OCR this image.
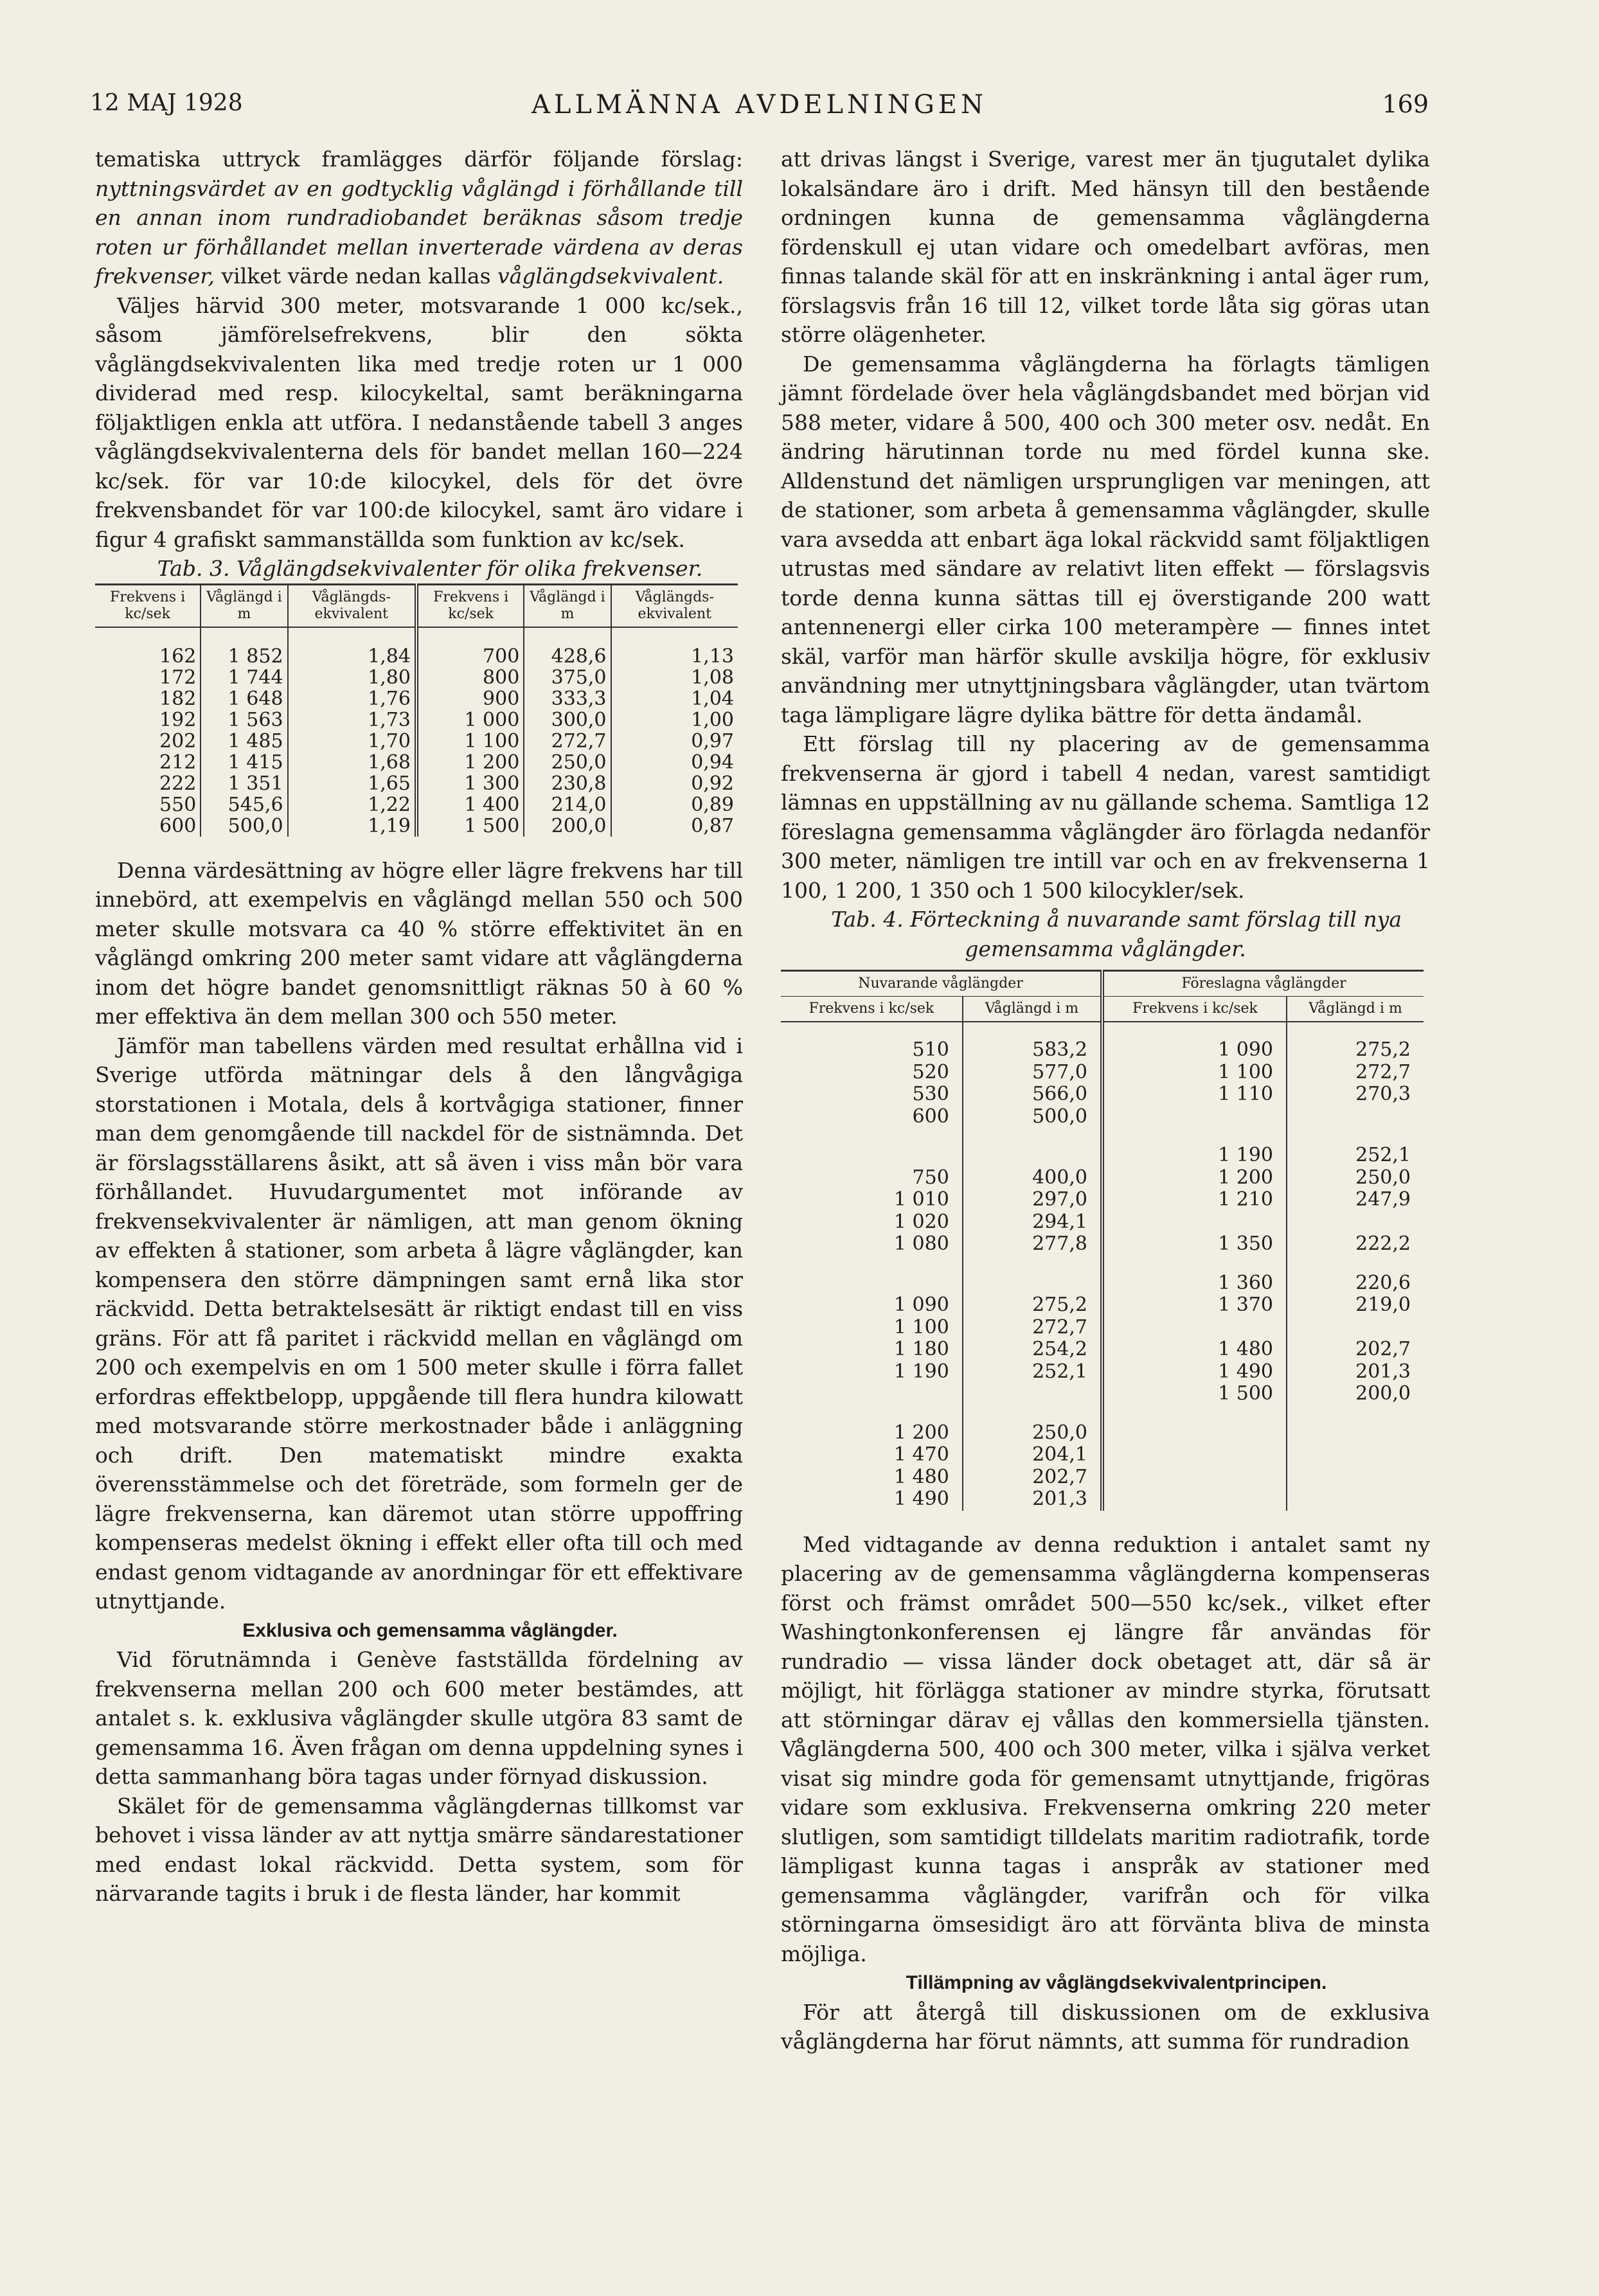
12 MAJ 1928	ALLMÄNNA AVDELNINGEN	169

tematiska uttryck framlägges därför följande förslag: nyttningsvärdet av en godtycklig våglängd i förhållande till en annan inom rundradiobandet beräknas såsom tredje roten ur förhållandet mellan inverterade värdena av deras frekvenser, vilket värde nedan kallas våglängdsekvivalent.

Väljes härvid 300 meter, motsvarande 1 000 kc/sek., såsom jämförelsefrekvens, blir den sökta våglängdsekvivalenten lika med tredje roten ur 1 000 dividerad med resp. kilocykeltal, samt beräkningarna följaktligen enkla att utföra. I nedanstående tabell 3 anges våglängdsekvivalenterna dels för bandet mellan 160—224 kc/sek. för var 10:de kilocykel, dels för det övre frekvensbandet för var 100:de kilocykel, samt äro vidare i figur 4 grafiskt sammanställda som funktion av kc/sek.

Tab. 3. Våglängdsekvivalenter för olika frekvenser.

Frekvens i kc/sek	Våglängd i m	Våglängds-ekvivalent	Frekvens i kc/sek	Våglängd i m	Våglängds-ekvivalent

162	1 852	1,84	700	428,6	1,13
172	1 744	1,80	800	375,0	1,08
182	1 648	1,76	900	333,3	1,04
192	1 563	1,73	1 000	300,0	1,00
202	1 485	1,70	1 100	272,7	0,97
212	1 415	1,68	1 200	250,0	0,94
222	1 351	1,65	1 300	230,8	0,92
550	545,6	1,22	1 400	214,0	0,89
600	500,0	1,19	1 500	200,0	0,87

Denna värdesättning av högre eller lägre frekvens har till innebörd, att exempelvis en våglängd mellan 550 och 500 meter skulle motsvara ca 40 % större effektivitet än en våglängd omkring 200 meter samt vidare att våglängderna inom det högre bandet genomsnittligt räknas 50 à 60 % mer effektiva än dem mellan 300 och 550 meter.

Jämför man tabellens värden med resultat erhållna vid i Sverige utförda mätningar dels å den långvågiga storstationen i Motala, dels å kortvågiga stationer, finner man dem genomgående till nackdel för de sistnämnda. Det är förslagsställarens åsikt, att så även i viss mån bör vara förhållandet. Huvudargumentet mot införande av frekvensekvivalenter är nämligen, att man genom ökning av effekten å stationer, som arbeta å lägre våglängder, kan kompensera den större dämpningen samt ernå lika stor räckvidd. Detta betraktelsesätt är riktigt endast till en viss gräns. För att få paritet i räckvidd mellan en våglängd om 200 och exempelvis en om 1 500 meter skulle i förra fallet erfordras effektbelopp, uppgående till flera hundra kilowatt med motsvarande större merkostnader både i anläggning och drift. Den matematiskt mindre exakta överensstämmelse och det företräde, som formeln ger de lägre frekvenserna, kan däremot utan större uppoffring kompenseras medelst ökning i effekt eller ofta till och med endast genom vidtagande av anordningar för ett effektivare utnyttjande.

Exklusiva och gemensamma våglängder.

Vid förutnämnda i Genève fastställda fördelning av frekvenserna mellan 200 och 600 meter bestämdes, att antalet s. k. exklusiva våglängder skulle utgöra 83 samt de gemensamma 16. Även frågan om denna uppdelning synes i detta sammanhang böra tagas under förnyad diskussion.

Skälet för de gemensamma våglängdernas tillkomst var behovet i vissa länder av att nyttja smärre sändarestationer med endast lokal räckvidd. Detta system, som för närvarande tagits i bruk i de flesta länder, har kommit

att drivas längst i Sverige, varest mer än tjugutalet dylika lokalsändare äro i drift. Med hänsyn till den bestående ordningen kunna de gemensamma våglängderna fördenskull ej utan vidare och omedelbart avföras, men finnas talande skäl för att en inskränkning i antal äger rum, förslagsvis från 16 till 12, vilket torde låta sig göras utan större olägenheter.

De gemensamma våglängderna ha förlagts tämligen jämnt fördelade över hela våglängdsbandet med början vid 588 meter, vidare å 500, 400 och 300 meter osv. nedåt. En ändring härutinnan torde nu med fördel kunna ske. Alldenstund det nämligen ursprungligen var meningen, att de stationer, som arbeta å gemensamma våglängder, skulle vara avsedda att enbart äga lokal räckvidd samt följaktligen utrustas med sändare av relativt liten effekt — förslagsvis torde denna kunna sättas till ej överstigande 200 watt antennenergi eller cirka 100 meterampère — finnes intet skäl, varför man härför skulle avskilja högre, för exklusiv användning mer utnyttjningsbara våglängder, utan tvärtom taga lämpligare lägre dylika bättre för detta ändamål.

Ett förslag till ny placering av de gemensamma frekvenserna är gjord i tabell 4 nedan, varest samtidigt lämnas en uppställning av nu gällande schema. Samtliga 12 föreslagna gemensamma våglängder äro förlagda nedanför 300 meter, nämligen tre intill var och en av frekvenserna 1 100, 1 200, 1 350 och 1 500 kilocykler/sek.

Tab. 4. Förteckning å nuvarande samt förslag till nya gemensamma våglängder.

Nuvarande våglängder		Föreslagna våglängder	
Frekvens i kc/sek	Våglängd i m	Frekvens i kc/sek	Våglängd i m

510	583,2	1 090	275,2
520	577,0	1 100	272,7
530	566,0	1 110	270,3
600	500,0		

		1 190	252,1
750	400,0	1 200	250,0
1 010	297,0	1 210	247,9
1 020	294,1		
1 080	277,8	1 350	222,2

		1 360	220,6
1 090	275,2	1 370	219,0
1 100	272,7		
1 180	254,2	1 480	202,7
1 190	252,1	1 490	201,3
		1 500	200,0

1 200	250,0		
1 470	204,1		
1 480	202,7		
1 490	201,3		

Med vidtagande av denna reduktion i antalet samt ny placering av de gemensamma våglängderna kompenseras först och främst området 500—550 kc/sek., vilket efter Washingtonkonferensen ej längre får användas för rundradio — vissa länder dock obetaget att, där så är möjligt, hit förlägga stationer av mindre styrka, förutsatt att störningar därav ej vållas den kommersiella tjänsten. Våglängderna 500, 400 och 300 meter, vilka i själva verket visat sig mindre goda för gemensamt utnyttjande, frigöras vidare som exklusiva. Frekvenserna omkring 220 meter slutligen, som samtidigt tilldelats maritim radiotrafik, torde lämpligast kunna tagas i anspråk av stationer med gemensamma våglängder, varifrån och för vilka störningarna ömsesidigt äro att förvänta bliva de minsta möjliga.

Tillämpning av våglängdsekvivalentprincipen.

För att återgå till diskussionen om de exklusiva våglängderna har förut nämnts, att summa för rundradion
